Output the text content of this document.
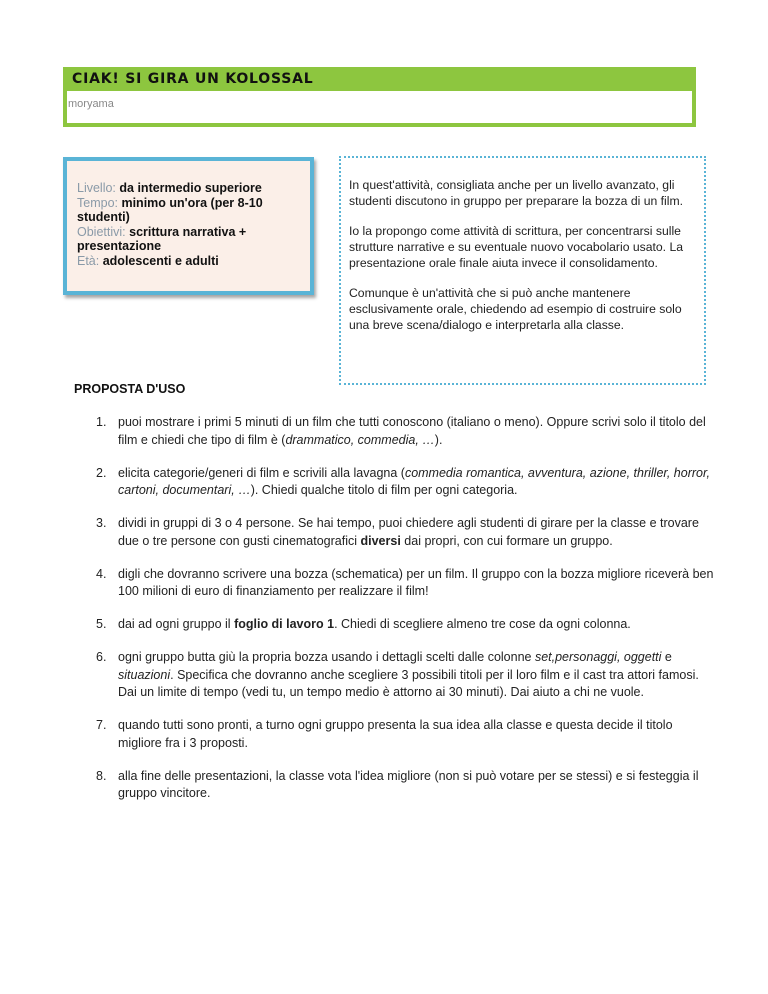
CIAK! SI GIRA UN KOLOSSAL
moryama
Livello: da intermedio superiore
Tempo: minimo un'ora (per 8-10 studenti)
Obiettivi: scrittura narrativa + presentazione
Età: adolescenti e adulti

In quest'attività, consigliata anche per un livello avanzato, gli studenti discutono in gruppo per preparare la bozza di un film.

Io la propongo come attività di scrittura, per concentrarsi sulle strutture narrative e su eventuale nuovo vocabolario usato. La presentazione orale finale aiuta invece il consolidamento.

Comunque è un'attività che si può anche mantenere esclusivamente orale, chiedendo ad esempio di costruire solo una breve scena/dialogo e interpretarla alla classe.

PROPOSTA D'USO
1. puoi mostrare i primi 5 minuti di un film che tutti conoscono (italiano o meno). Oppure scrivi solo il titolo del film e chiedi che tipo di film è (drammatico, commedia, …).
2. elicita categorie/generi di film e scrivili alla lavagna (commedia romantica, avventura, azione, thriller, horror, cartoni, documentari, …). Chiedi qualche titolo di film per ogni categoria.
3. dividi in gruppi di 3 o 4 persone. Se hai tempo, puoi chiedere agli studenti di girare per la classe e trovare due o tre persone con gusti cinematografici diversi dai propri, con cui formare un gruppo.
4. digli che dovranno scrivere una bozza (schematica) per un film. Il gruppo con la bozza migliore riceverà ben 100 milioni di euro di finanziamento per realizzare il film!
5. dai ad ogni gruppo il foglio di lavoro 1. Chiedi di scegliere almeno tre cose da ogni colonna.
6. ogni gruppo butta giù la propria bozza usando i dettagli scelti dalle colonne set,personaggi, oggetti e situazioni. Specifica che dovranno anche scegliere 3 possibili titoli per il loro film e il cast tra attori famosi. Dai un limite di tempo (vedi tu, un tempo medio è attorno ai 30 minuti). Dai aiuto a chi ne vuole.
7. quando tutti sono pronti, a turno ogni gruppo presenta la sua idea alla classe e questa decide il titolo migliore fra i 3 proposti.
8. alla fine delle presentazioni, la classe vota l'idea migliore (non si può votare per se stessi) e si festeggia il gruppo vincitore.
